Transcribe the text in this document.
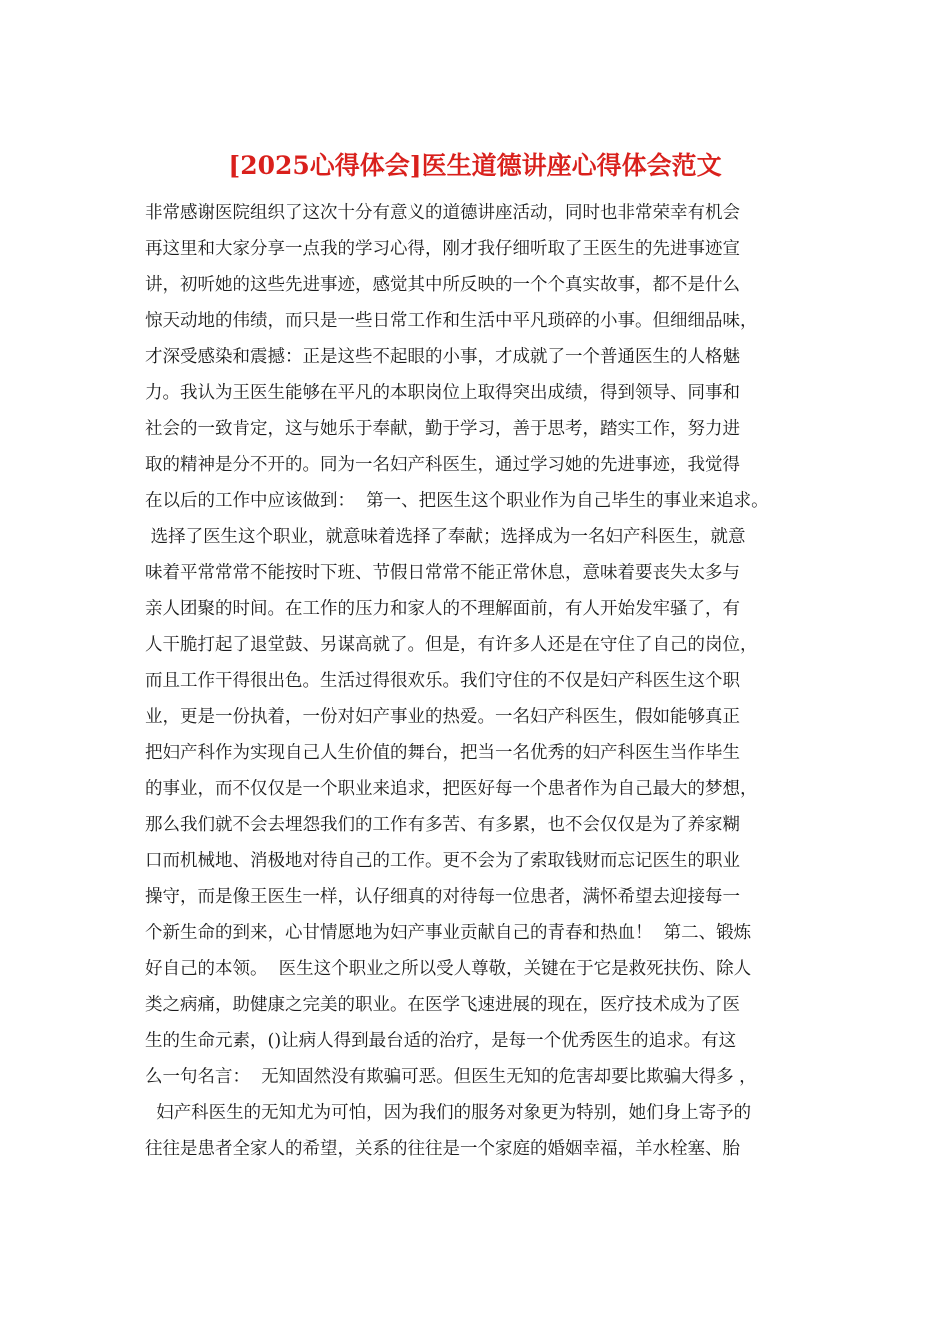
[2025心得体会]医生道德讲座心得体会范文
非常感谢医院组织了这次十分有意义的道德讲座活动，同时也非常荣幸有机会
再这里和大家分享一点我的学习心得，刚才我仔细听取了王医生的先进事迹宣
讲，初听她的这些先进事迹，感觉其中所反映的一个个真实故事，都不是什么
惊天动地的伟绩，而只是一些日常工作和生活中平凡琐碎的小事。但细细品味，
才深受感染和震撼：正是这些不起眼的小事，才成就了一个普通医生的人格魅
力。我认为王医生能够在平凡的本职岗位上取得突出成绩，得到领导、同事和
社会的一致肯定，这与她乐于奉献，勤于学习，善于思考，踏实工作，努力进
取的精神是分不开的。同为一名妇产科医生，通过学习她的先进事迹，我觉得
在以后的工作中应该做到：  第一、把医生这个职业作为自己毕生的事业来追求。
选择了医生这个职业，就意味着选择了奉献；选择成为一名妇产科医生，就意
味着平常常常不能按时下班、节假日常常不能正常休息，意味着要丧失太多与
亲人团聚的时间。在工作的压力和家人的不理解面前，有人开始发牢骚了，有
人干脆打起了退堂鼓、另谋高就了。但是，有许多人还是在守住了自己的岗位，
而且工作干得很出色。生活过得很欢乐。我们守住的不仅是妇产科医生这个职
业，更是一份执着，一份对妇产事业的热爱。一名妇产科医生，假如能够真正
把妇产科作为实现自己人生价值的舞台，把当一名优秀的妇产科医生当作毕生
的事业，而不仅仅是一个职业来追求，把医好每一个患者作为自己最大的梦想，
那么我们就不会去埋怨我们的工作有多苦、有多累，也不会仅仅是为了养家糊
口而机械地、消极地对待自己的工作。更不会为了索取钱财而忘记医生的职业
操守，而是像王医生一样，认仔细真的对待每一位患者，满怀希望去迎接每一
个新生命的到来，心甘情愿地为妇产事业贡献自己的青春和热血！  第二、锻炼
好自己的本领。  医生这个职业之所以受人尊敬，关键在于它是救死扶伤、除人
类之病痛，助健康之完美的职业。在医学飞速进展的现在，医疗技术成为了医
生的生命元素，()让病人得到最台适的治疗，是每一个优秀医生的追求。有这
么一句名言：  无知固然没有欺骗可恶。但医生无知的危害却要比欺骗大得多 ，
妇产科医生的无知尤为可怕，因为我们的服务对象更为特别，她们身上寄予的
往往是患者全家人的希望，关系的往往是一个家庭的婚姻幸福，羊水栓塞、胎
